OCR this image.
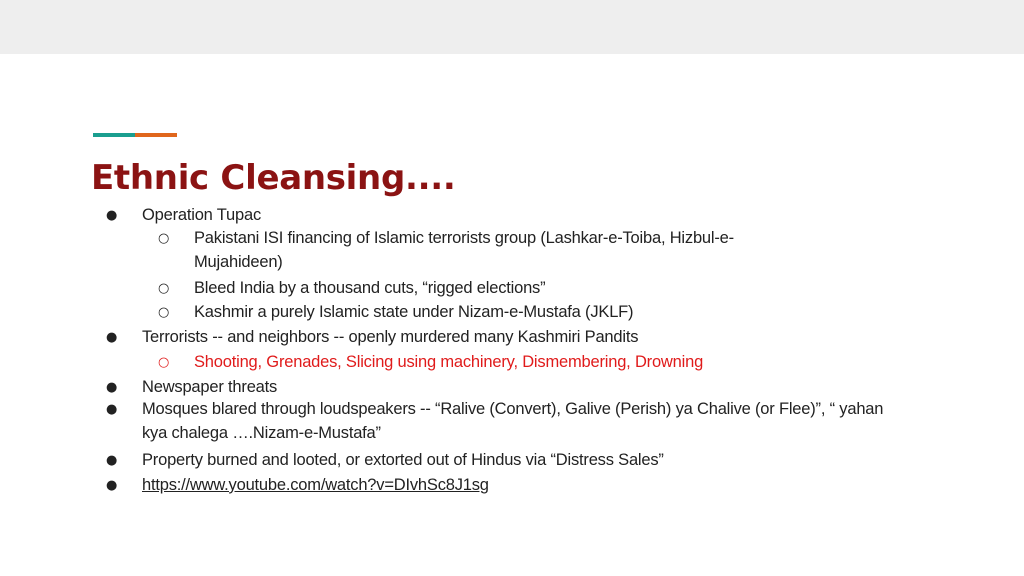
Ethnic Cleansing....
● Operation Tupac
○ Pakistani ISI financing of Islamic terrorists group (Lashkar-e-Toiba, Hizbul-e-
Mujahideen)
○ Bleed India by a thousand cuts, “rigged elections”
○ Kashmir a purely Islamic state under Nizam-e-Mustafa (JKLF)
● Terrorists -- and neighbors -- openly murdered many Kashmiri Pandits
○ Shooting, Grenades, Slicing using machinery, Dismembering, Drowning
● Newspaper threats
● Mosques blared through loudspeakers -- “Ralive (Convert), Galive (Perish) ya Chalive (or Flee)”, “ yahan
kya chalega ….Nizam-e-Mustafa”
● Property burned and looted, or extorted out of Hindus via “Distress Sales”
● https://www.youtube.com/watch?v=DIvhSc8J1sg
